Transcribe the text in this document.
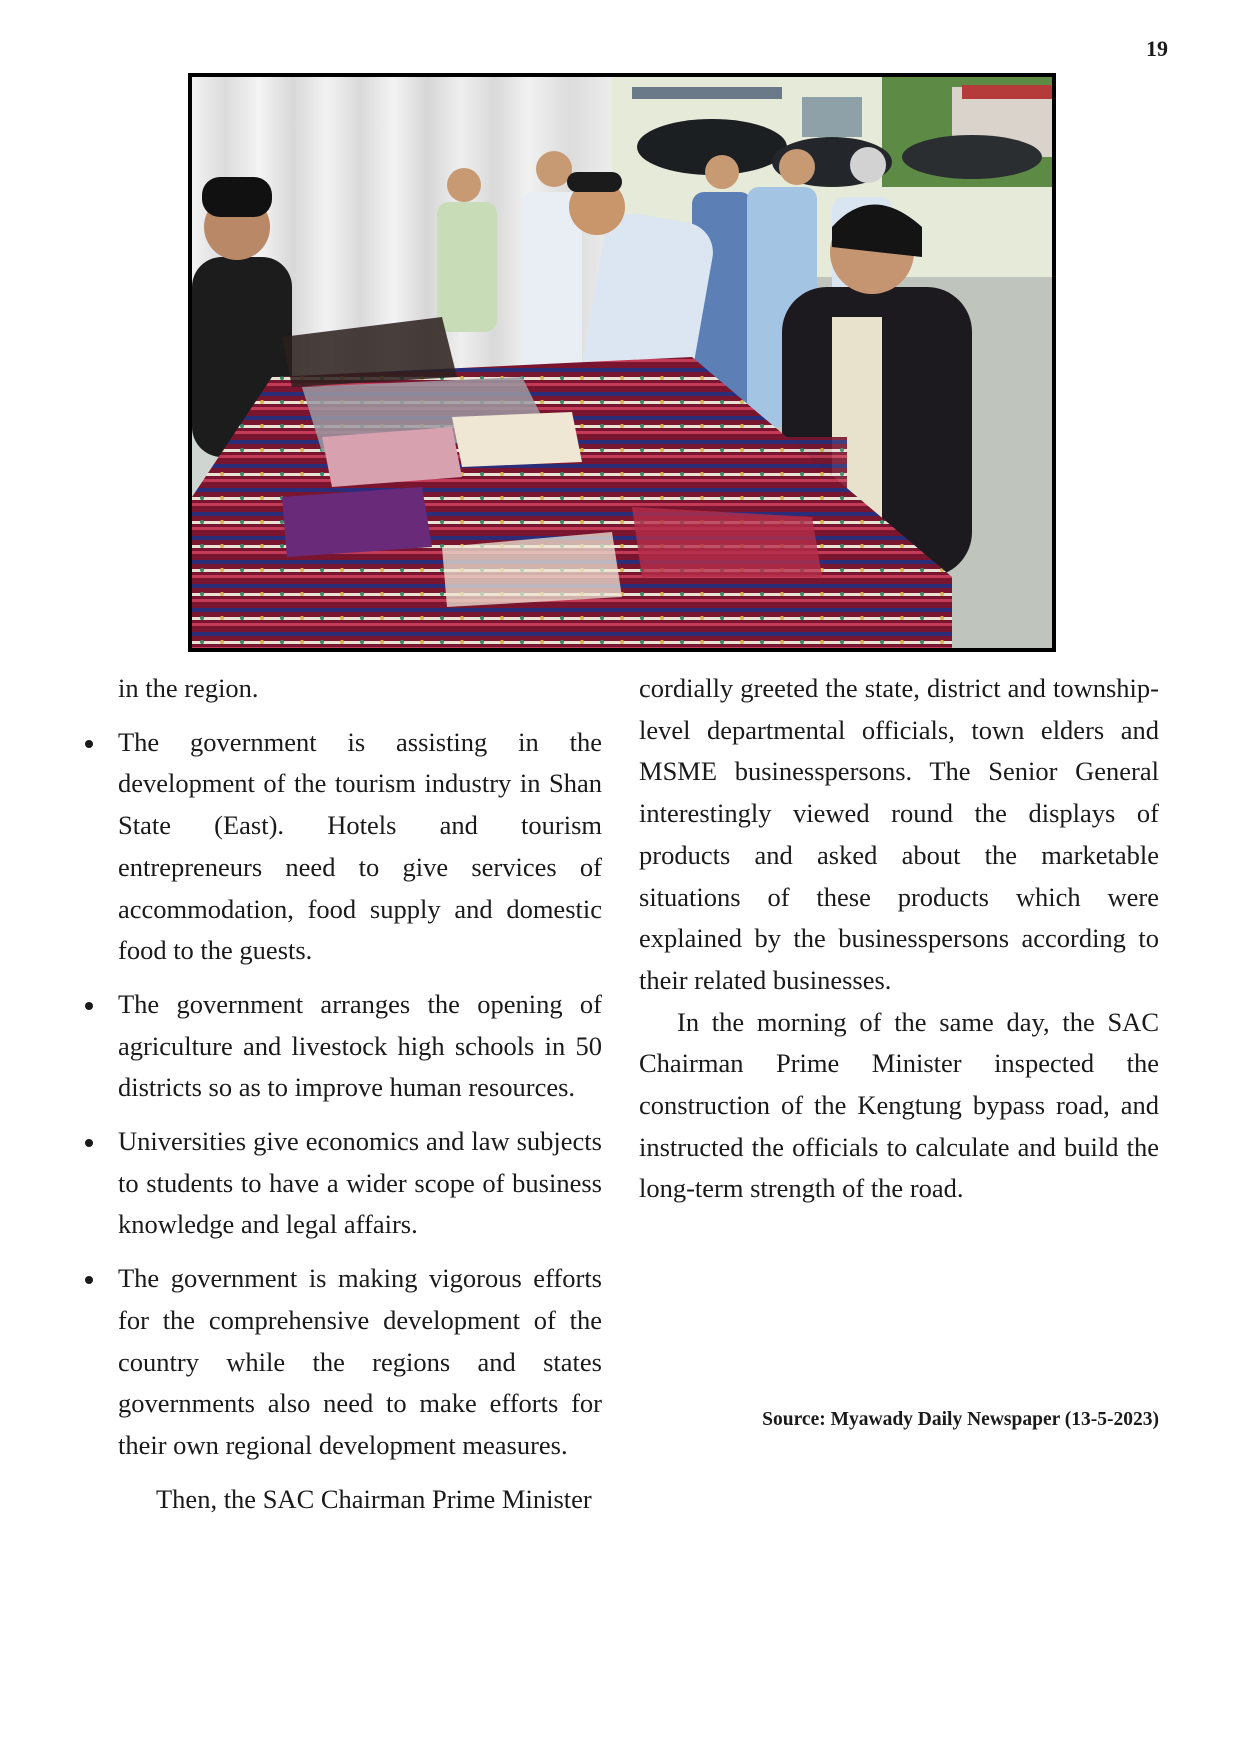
19

in the region.

The government is assisting in the development of the tourism industry in Shan State (East). Hotels and tourism entrepreneurs need to give services of accommodation, food supply and domestic food to the guests.
The government arranges the opening of agriculture and livestock high schools in 50 districts so as to improve human resources.
Universities give economics and law subjects to students to have a wider scope of business knowledge and legal affairs.
The government is making vigorous efforts for the comprehensive development of the country while the regions and states governments also need to make efforts for their own regional development measures.

Then, the SAC Chairman Prime Minister

cordially greeted the state, district and township-level departmental officials, town elders and MSME businesspersons. The Senior General interestingly viewed round the displays of products and asked about the marketable situations of these products which were explained by the businesspersons according to their related businesses.

In the morning of the same day, the SAC Chairman Prime Minister inspected the construction of the Kengtung bypass road, and instructed the officials to calculate and build the long-term strength of the road.

Source: Myawady Daily Newspaper (13-5-2023)
